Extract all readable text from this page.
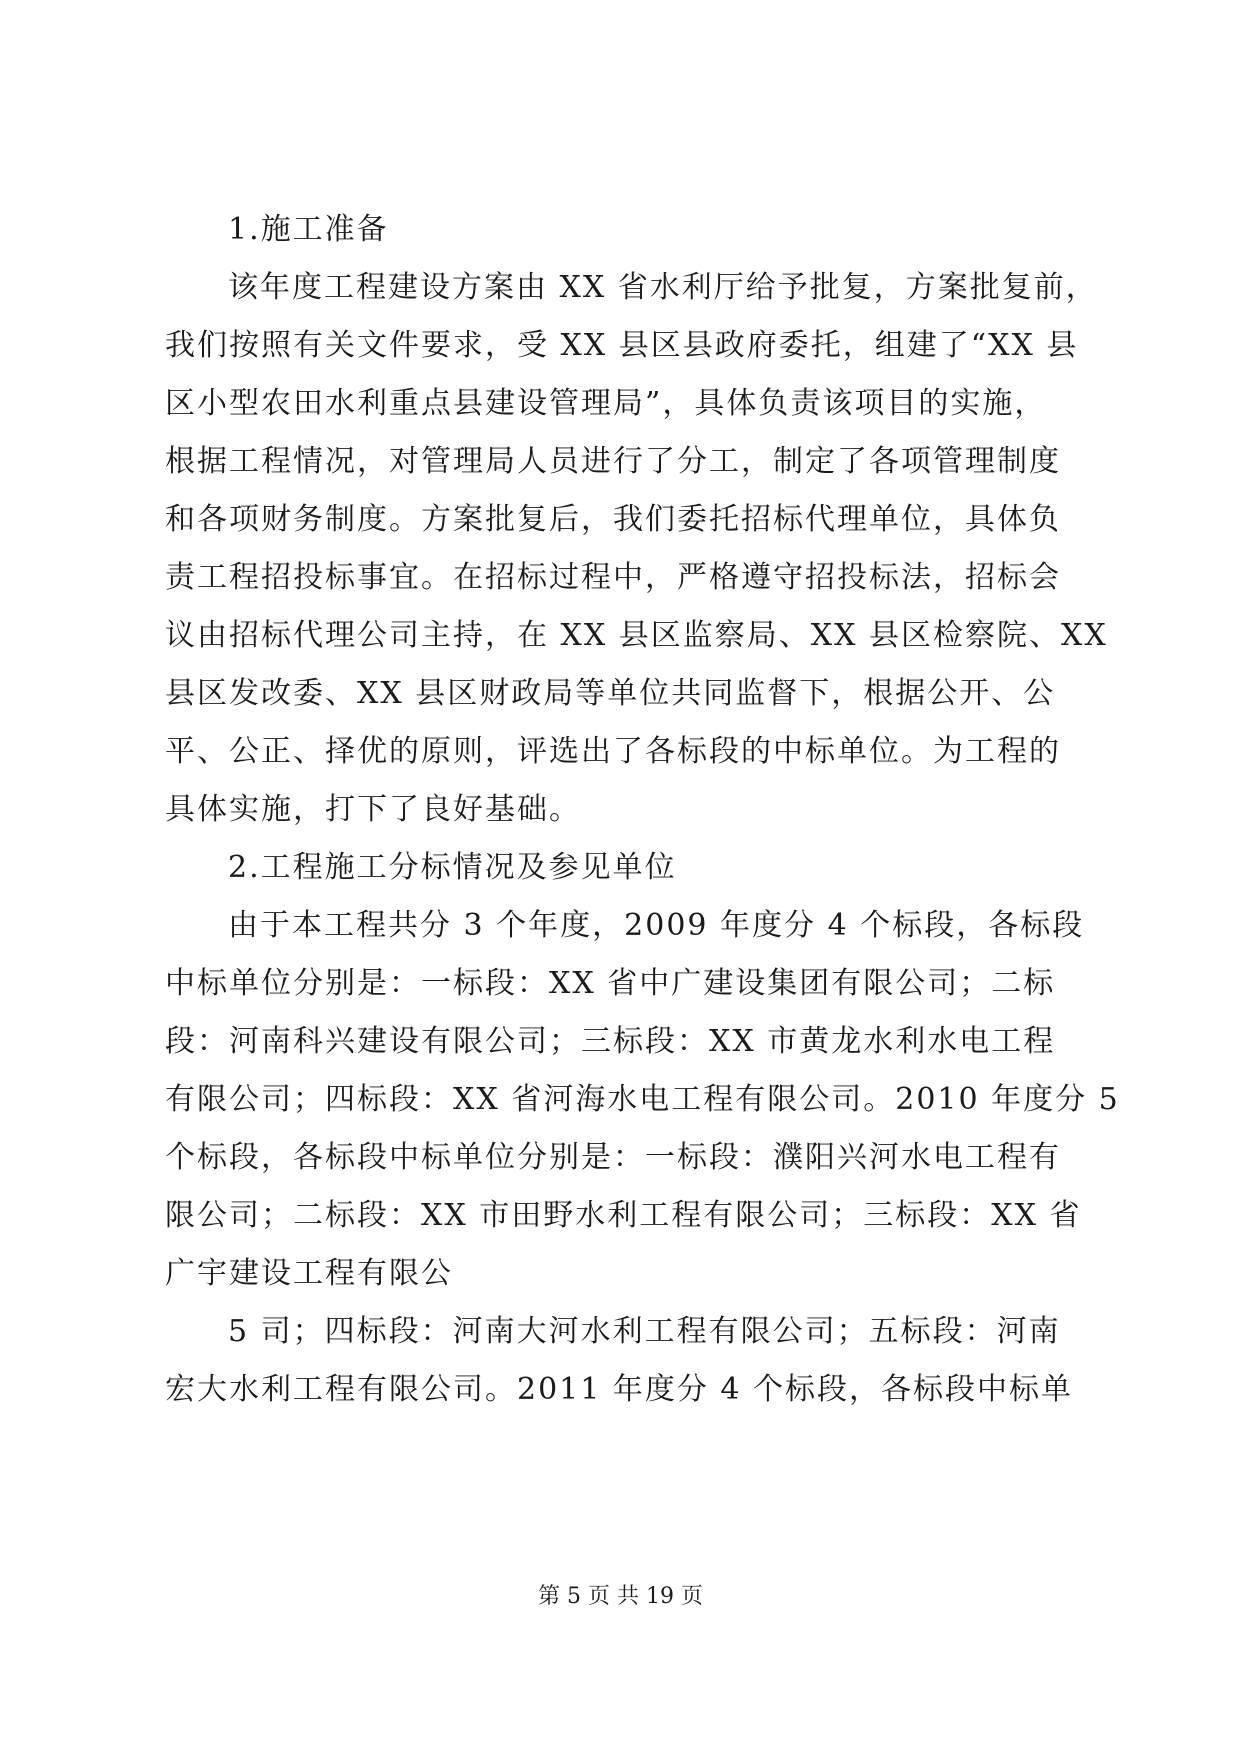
1.施工准备
该年度工程建设方案由 XX 省水利厅给予批复，方案批复前，
我们按照有关文件要求，受 XX 县区县政府委托，组建了“XX 县
区小型农田水利重点县建设管理局”，具体负责该项目的实施，
根据工程情况，对管理局人员进行了分工，制定了各项管理制度
和各项财务制度。方案批复后，我们委托招标代理单位，具体负
责工程招投标事宜。在招标过程中，严格遵守招投标法，招标会
议由招标代理公司主持，在 XX 县区监察局、XX 县区检察院、XX
县区发改委、XX 县区财政局等单位共同监督下，根据公开、公
平、公正、择优的原则，评选出了各标段的中标单位。为工程的
具体实施，打下了良好基础。
2.工程施工分标情况及参见单位
由于本工程共分 3 个年度，2009 年度分 4 个标段，各标段
中标单位分别是：一标段：XX 省中广建设集团有限公司；二标
段：河南科兴建设有限公司；三标段：XX 市黄龙水利水电工程
有限公司；四标段：XX 省河海水电工程有限公司。2010 年度分 5
个标段，各标段中标单位分别是：一标段：濮阳兴河水电工程有
限公司；二标段：XX 市田野水利工程有限公司；三标段：XX 省
广宇建设工程有限公
5 司；四标段：河南大河水利工程有限公司；五标段：河南
宏大水利工程有限公司。2011 年度分 4 个标段，各标段中标单
第 5 页 共 19 页
